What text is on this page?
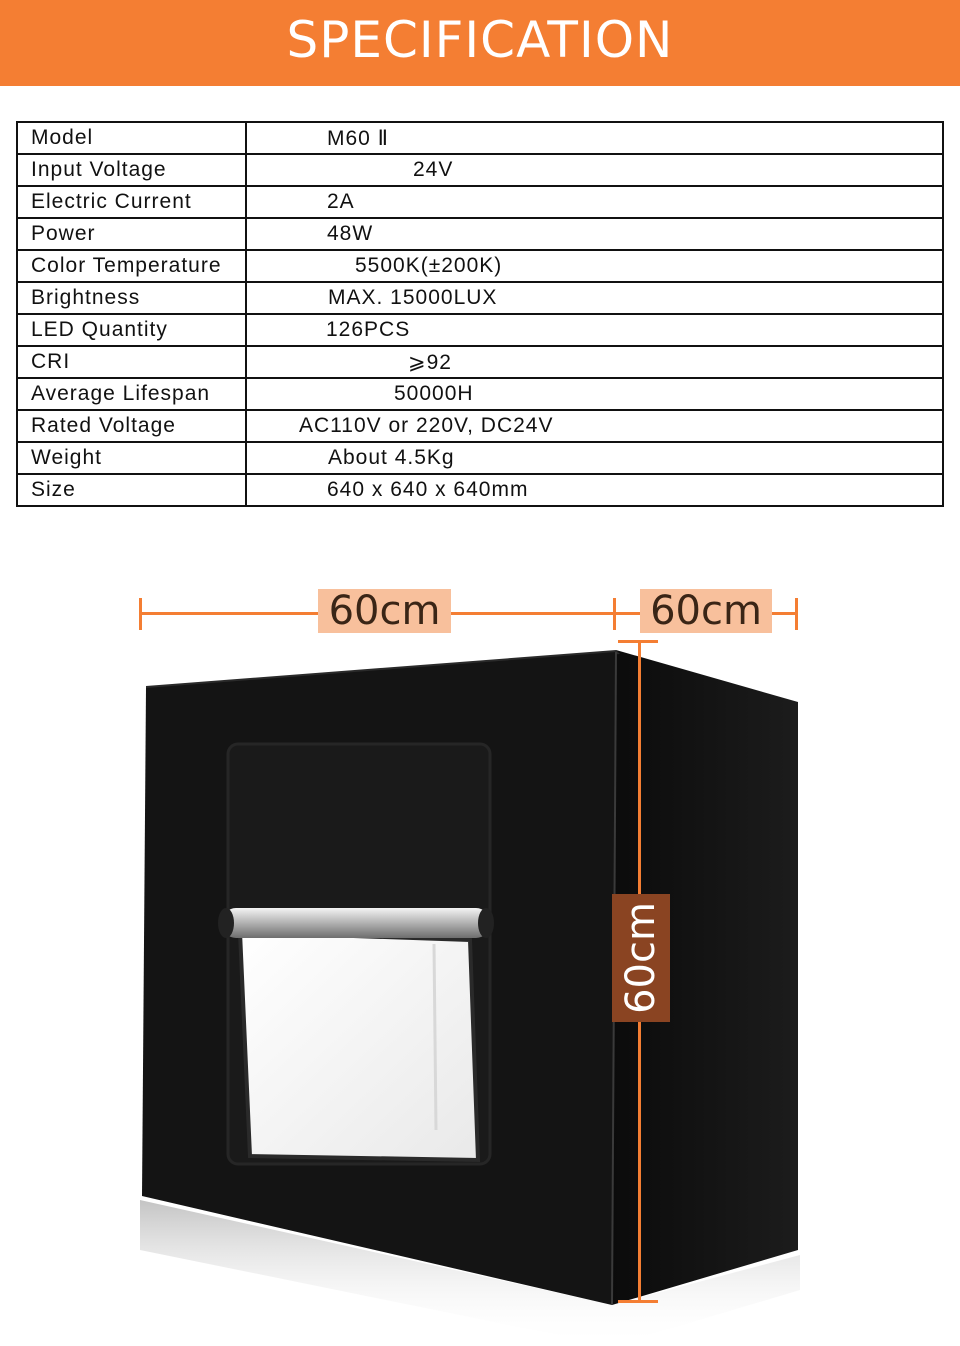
SPECIFICATION
Model	M60 Ⅱ
Input Voltage	24V
Electric Current	2A
Power	48W
Color Temperature	5500K(±200K)
Brightness	MAX. 15000LUX
LED Quantity	126PCS
CRI	⩾92
Average Lifespan	50000H
Rated Voltage	AC110V or 220V, DC24V
Weight	About 4.5Kg
Size	640 x 640 x 640mm
60cm	60cm
60cm
